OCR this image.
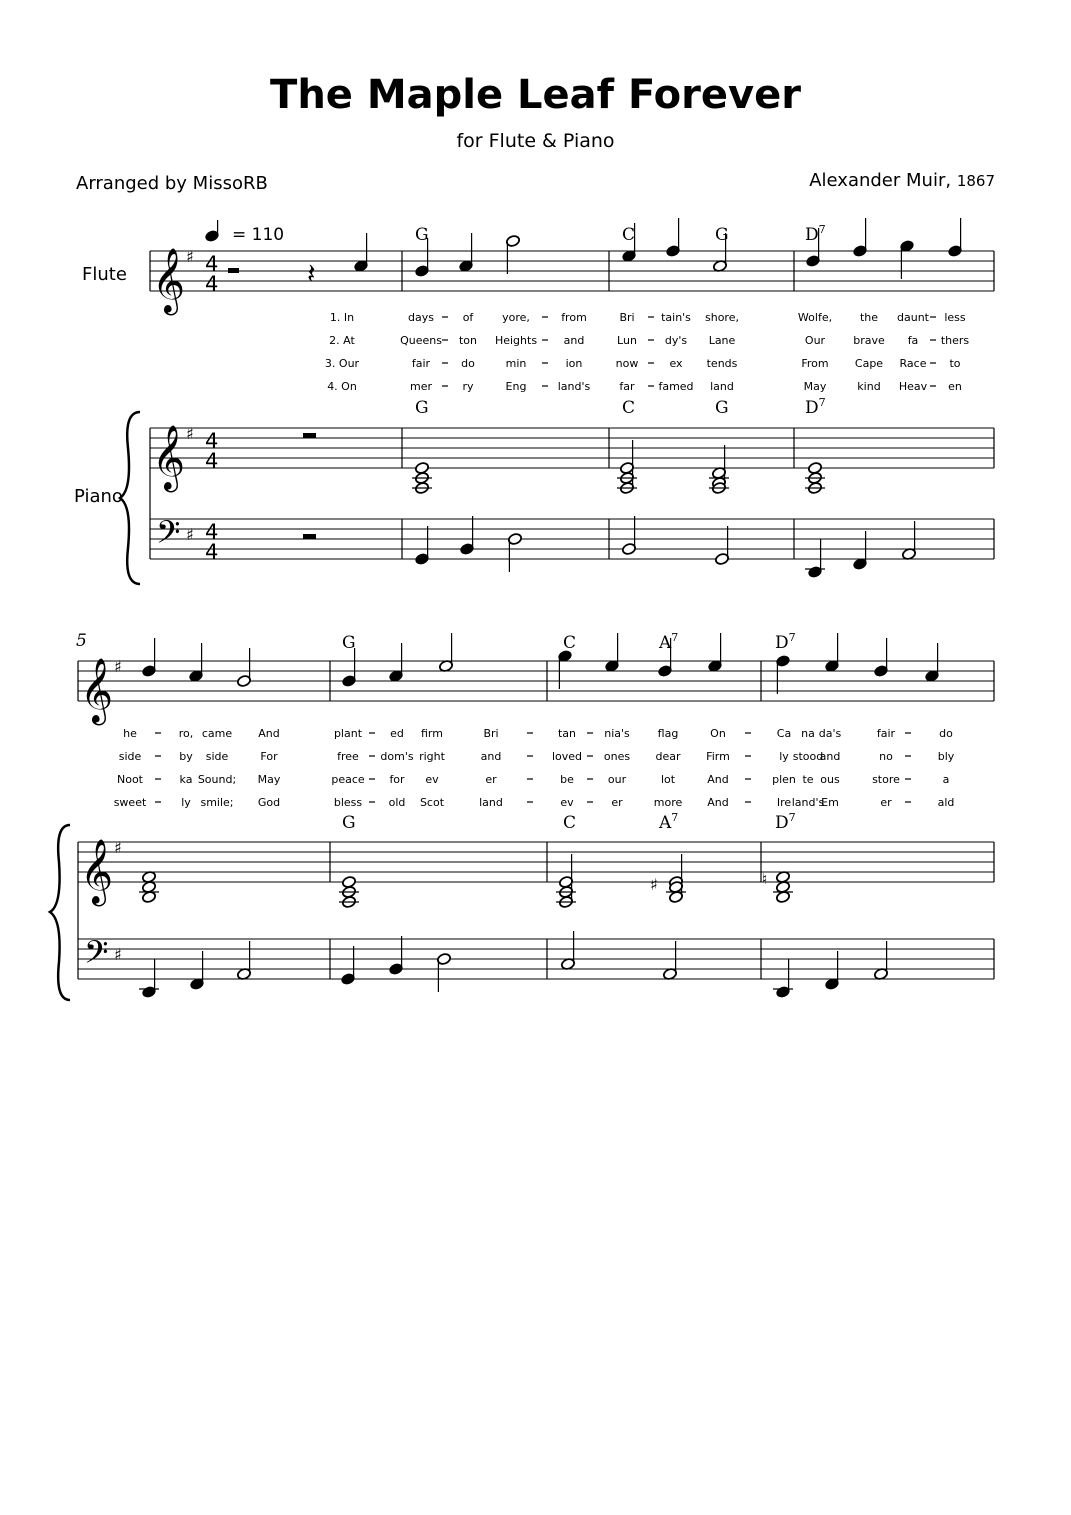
The Maple Leaf Forever
for Flute & Piano
Arranged by MissoRB	Alexander Muir, 1867
Flute
Piano
= 110
5
𝄞
𝄞
𝄢
♯
♯
♯
4
4
4
4
4
4
𝄽
G	C	G	$D^7$
G	C	G	$D^7$
𝄞
𝄞
𝄢
♯
♯
♯
G	C	$A^7$	$D^7$
G	C	$A^7$	$D^7$
♯	♮
1. In	days	of	yore,	from	Bri tain's shore,	Wolfe,	the daunt less
2. At	Queens ton Heights and	Lun	dy's Lane	Our	brave fa thers
3. Our	fair	do	min	ion	now	ex tends	From Cape Race to
4. On	mer	ry	Eng	land's	far famed land	May	kind Heav en
he	ro, came And	plant	ed firm	Bri	tan	nia's	flag	On	Ca na da's	fair	do
side	by side	For	free dom's right	and	loved ones dear Firm	ly stood
and	no	bly
Noot	ka Sound; May	peace for ev	er	be	our	lot	And	plen te ous	store	a
sweet	ly smile; God	bless old Scot	land	ev	er	more And	Ire land's
Em	er	ald
